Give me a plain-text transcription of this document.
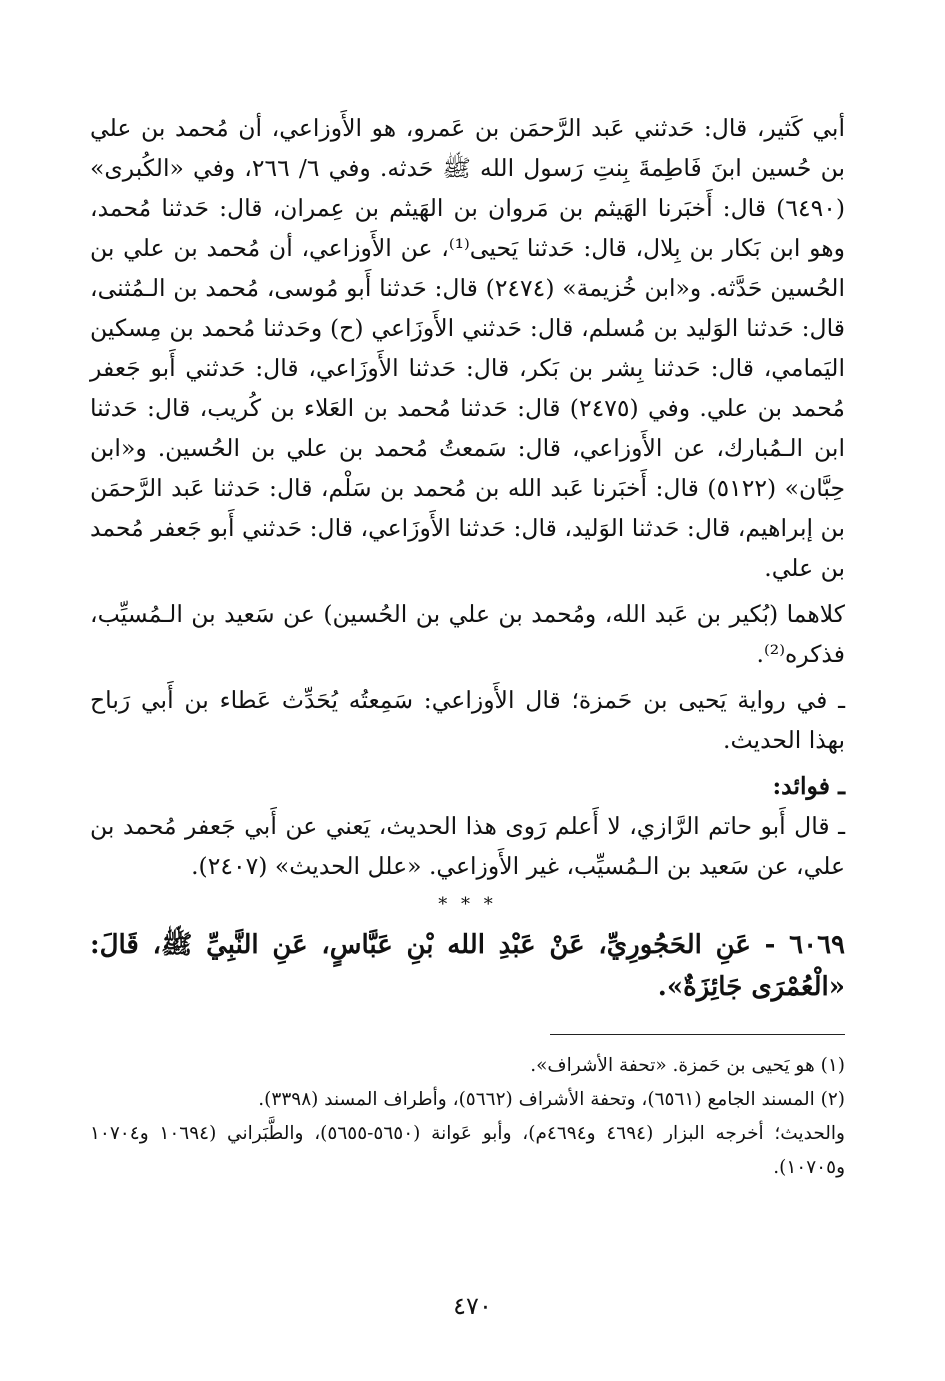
أبي كَثير، قال: حَدثني عَبد الرَّحمَن بن عَمرو، هو الأَوزاعي، أن مُحمد بن علي بن حُسين ابنَ فَاطِمةَ بِنتِ رَسول الله ﷺ حَدثه. وفي ٦/ ٢٦٦، وفي «الكُبرى» (٦٤٩٠) قال: أَخبَرنا الهَيثم بن مَروان بن الهَيثم بن عِمران، قال: حَدثنا مُحمد، وهو ابن بَكار بن بِلال، قال: حَدثنا يَحيى⁽¹⁾، عن الأَوزاعي، أن مُحمد بن علي بن الحُسين حَدَّثه. و«ابن خُزيمة» (٢٤٧٤) قال: حَدثنا أَبو مُوسى، مُحمد بن الـمُثنى، قال: حَدثنا الوَليد بن مُسلم، قال: حَدثني الأَوزَاعي (ح) وحَدثنا مُحمد بن مِسكين اليَمامي، قال: حَدثنا بِشر بن بَكر، قال: حَدثنا الأَوزَاعي، قال: حَدثني أَبو جَعفر مُحمد بن علي. وفي (٢٤٧٥) قال: حَدثنا مُحمد بن العَلاء بن كُريب، قال: حَدثنا ابن الـمُبارك، عن الأَوزاعي، قال: سَمعتُ مُحمد بن علي بن الحُسين. و«ابن حِبَّان» (٥١٢٢) قال: أَخبَرنا عَبد الله بن مُحمد بن سَلْم، قال: حَدثنا عَبد الرَّحمَن بن إبراهيم، قال: حَدثنا الوَليد، قال: حَدثنا الأَوزَاعي، قال: حَدثني أَبو جَعفر مُحمد بن علي.

كلاهما (بُكير بن عَبد الله، ومُحمد بن علي بن الحُسين) عن سَعيد بن الـمُسيِّب، فذكره⁽²⁾.

ـ في رواية يَحيى بن حَمزة؛ قال الأَوزاعي: سَمِعتُه يُحَدِّث عَطاء بن أَبي رَباح بهذا الحديث.

ـ فوائد:

ـ قال أَبو حاتم الرَّازي، لا أَعلم رَوى هذا الحديث، يَعني عن أَبي جَعفر مُحمد بن علي، عن سَعيد بن الـمُسيِّب، غير الأَوزاعي. «علل الحديث» (٢٤٠٧).

* * *

٦٠٦٩ - عَنِ الحَجُورِيِّ، عَنْ عَبْدِ الله بْنِ عَبَّاسٍ، عَنِ النَّبِيِّ ﷺ، قَالَ: «الْعُمْرَى جَائِزَةٌ».

(١) هو يَحيى بن حَمزة. «تحفة الأشراف».

(٢) المسند الجامع (٦٥٦١)، وتحفة الأشراف (٥٦٦٢)، وأطراف المسند (٣٣٩٨).

والحديث؛ أخرجه البزار (٤٦٩٤ و٤٦٩٤م)، وأبو عَوانة (٥٦٥٠-٥٦٥٥)، والطَّبَراني (١٠٦٩٤ و١٠٧٠٤ و١٠٧٠٥).

٤٧٠
